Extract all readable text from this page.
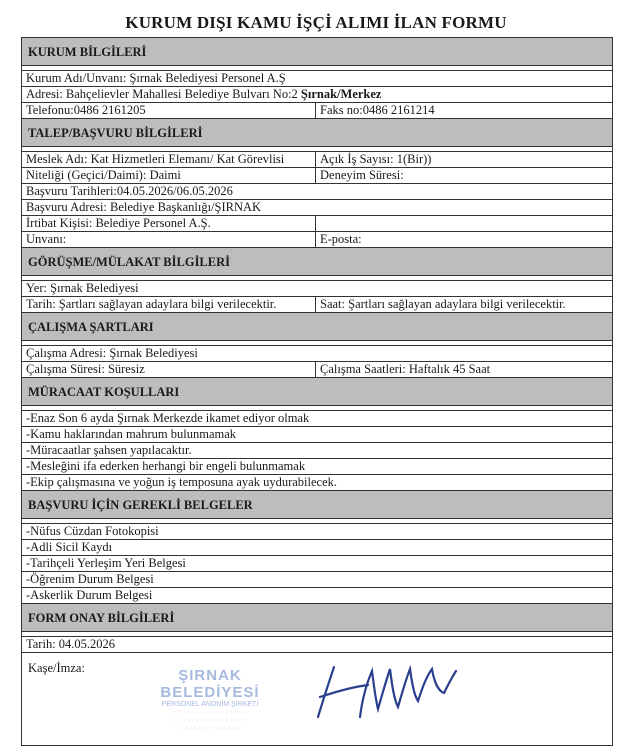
KURUM DIŞI KAMU İŞÇİ ALIMI İLAN FORMU
KURUM BİLGİLERİ
Kurum Adı/Unvanı: Şırnak Belediyesi Personel A.Ş
Adresi: Bahçelievler Mahallesi Belediye Bulvarı No:2 Şırnak/Merkez
Telefonu:0486 2161205	Faks no:0486 2161214
TALEP/BAŞVURU BİLGİLERİ
Meslek Adı: Kat Hizmetleri Elemanı/ Kat Görevlisi	Açık İş Sayısı: 1(Bir))
Niteliği (Geçici/Daimi): Daimi	Deneyim Süresi:
Başvuru Tarihleri:04.05.2026/06.05.2026
Başvuru Adresi: Belediye Başkanlığı/ŞIRNAK
İrtibat Kişisi: Belediye Personel A.Ş.
Unvanı:	E-posta:
GÖRÜŞME/MÜLAKAT BİLGİLERİ
Yer: Şırnak Belediyesi
Tarih: Şartları sağlayan adaylara bilgi verilecektir.	Saat: Şartları sağlayan adaylara bilgi verilecektir.
ÇALIŞMA ŞARTLARI
Çalışma Adresi: Şırnak Belediyesi
Çalışma Süresi: Süresiz	Çalışma Saatleri: Haftalık 45 Saat
MÜRACAAT KOŞULLARI
-Enaz Son 6 ayda Şırnak Merkezde ikamet ediyor olmak
-Kamu haklarından mahrum bulunmamak
-Müracaatlar şahsen yapılacaktır.
-Mesleğini ifa ederken herhangi bir engeli bulunmamak
-Ekip çalışmasına ve yoğun iş temposuna ayak uydurabilecek.
BAŞVURU İÇİN GEREKLİ BELGELER
-Nüfus Cüzdan Fotokopisi
-Adli Sicil Kaydı
-Tarihçeli Yerleşim Yeri Belgesi
-Öğrenim Durum Belgesi
-Askerlik Durum Belgesi
FORM ONAY BİLGİLERİ
Tarih: 04.05.2026
Kaşe/İmza:	ŞIRNAK BELEDİYESİ
PERSONEL ANONİM ŞİRKETİ
· · · · · · · · · · · · · · · · ·
· · · · · · · · · · · · · · · · ·
· · · · · · · · · · · · · ·
